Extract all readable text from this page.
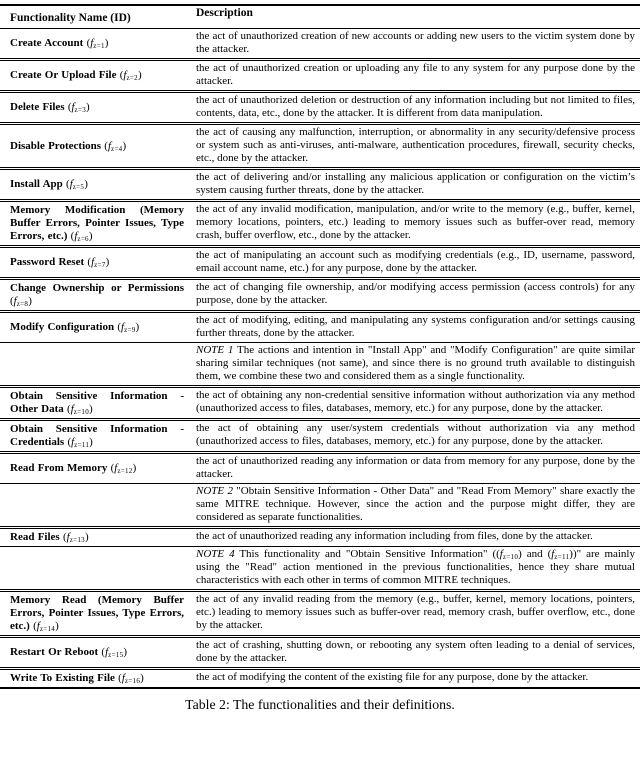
Functionality Name (ID)	Description
Create Account $(f_{z=1})$	the act of unauthorized creation of new accounts or adding new users to the victim system done by the attacker.
Create Or Upload File $(f_{z=2})$	the act of unauthorized creation or uploading any file to any system for any purpose done by the attacker.
Delete Files $(f_{z=3})$	the act of unauthorized deletion or destruction of any information including but not limited to files, contents, data, etc., done by the attacker. It is different from data manipulation.
Disable Protections $(f_{z=4})$	the act of causing any malfunction, interruption, or abnormality in any security/defensive process or system such as anti-viruses, anti-malware, authentication procedures, firewall, security checks, etc., done by the attacker.
Install App $(f_{z=5})$	the act of delivering and/or installing any malicious application or configuration on the victim’s system causing further threats, done by the attacker.
Memory Modification (Memory Buffer Errors, Pointer Issues, Type Errors, etc.) $(f_{z=6})$	the act of any invalid modification, manipulation, and/or write to the memory (e.g., buffer, kernel, memory locations, pointers, etc.) leading to memory issues such as buffer-over read, memory crash, buffer overflow, etc., done by the attacker.
Password Reset $(f_{z=7})$	the act of manipulating an account such as modifying credentials (e.g., ID, username, password, email account name, etc.) for any purpose, done by the attacker.
Change Ownership or Permissions $(f_{z=8})$	the act of changing file ownership, and/or modifying access permission (access controls) for any purpose, done by the attacker.
Modify Configuration $(f_{z=9})$	the act of modifying, editing, and manipulating any systems configuration and/or settings causing further threats, done by the attacker.
	NOTE 1 The actions and intention in "Install App" and "Modify Configuration" are quite similar sharing similar techniques (not same), and since there is no ground truth available to distinguish them, we combine these two and considered them as a single functionality.
Obtain Sensitive Information - Other Data $(f_{z=10})$	the act of obtaining any non-credential sensitive information without authorization via any method (unauthorized access to files, databases, memory, etc.) for any purpose, done by the attacker.
Obtain Sensitive Information - Credentials $(f_{z=11})$	the act of obtaining any user/system credentials without authorization via any method (unauthorized access to files, databases, memory, etc.) for any purpose, done by the attacker.
Read From Memory $(f_{z=12})$	the act of unauthorized reading any information or data from memory for any purpose, done by the attacker.
	NOTE 2 "Obtain Sensitive Information - Other Data" and "Read From Memory" share exactly the same MITRE technique. However, since the action and the purpose might differ, they are considered as separate functionalities.
Read Files $(f_{z=13})$	the act of unauthorized reading any information including from files, done by the attacker.
	NOTE 4 This functionality and "Obtain Sensitive Information" ($(f_{z=10})$ and $(f_{z=11})$)" are mainly using the "Read" action mentioned in the previous functionalities, hence they share mutual characteristics with each other in terms of common MITRE techniques.
Memory Read (Memory Buffer Errors, Pointer Issues, Type Errors, etc.) $(f_{z=14})$	the act of any invalid reading from the memory (e.g., buffer, kernel, memory locations, pointers, etc.) leading to memory issues such as buffer-over read, memory crash, buffer overflow, etc., done by the attacker.
Restart Or Reboot $(f_{z=15})$	the act of crashing, shutting down, or rebooting any system often leading to a denial of services, done by the attacker.
Write To Existing File $(f_{z=16})$	the act of modifying the content of the existing file for any purpose, done by the attacker.
Table 2: The functionalities and their definitions.
